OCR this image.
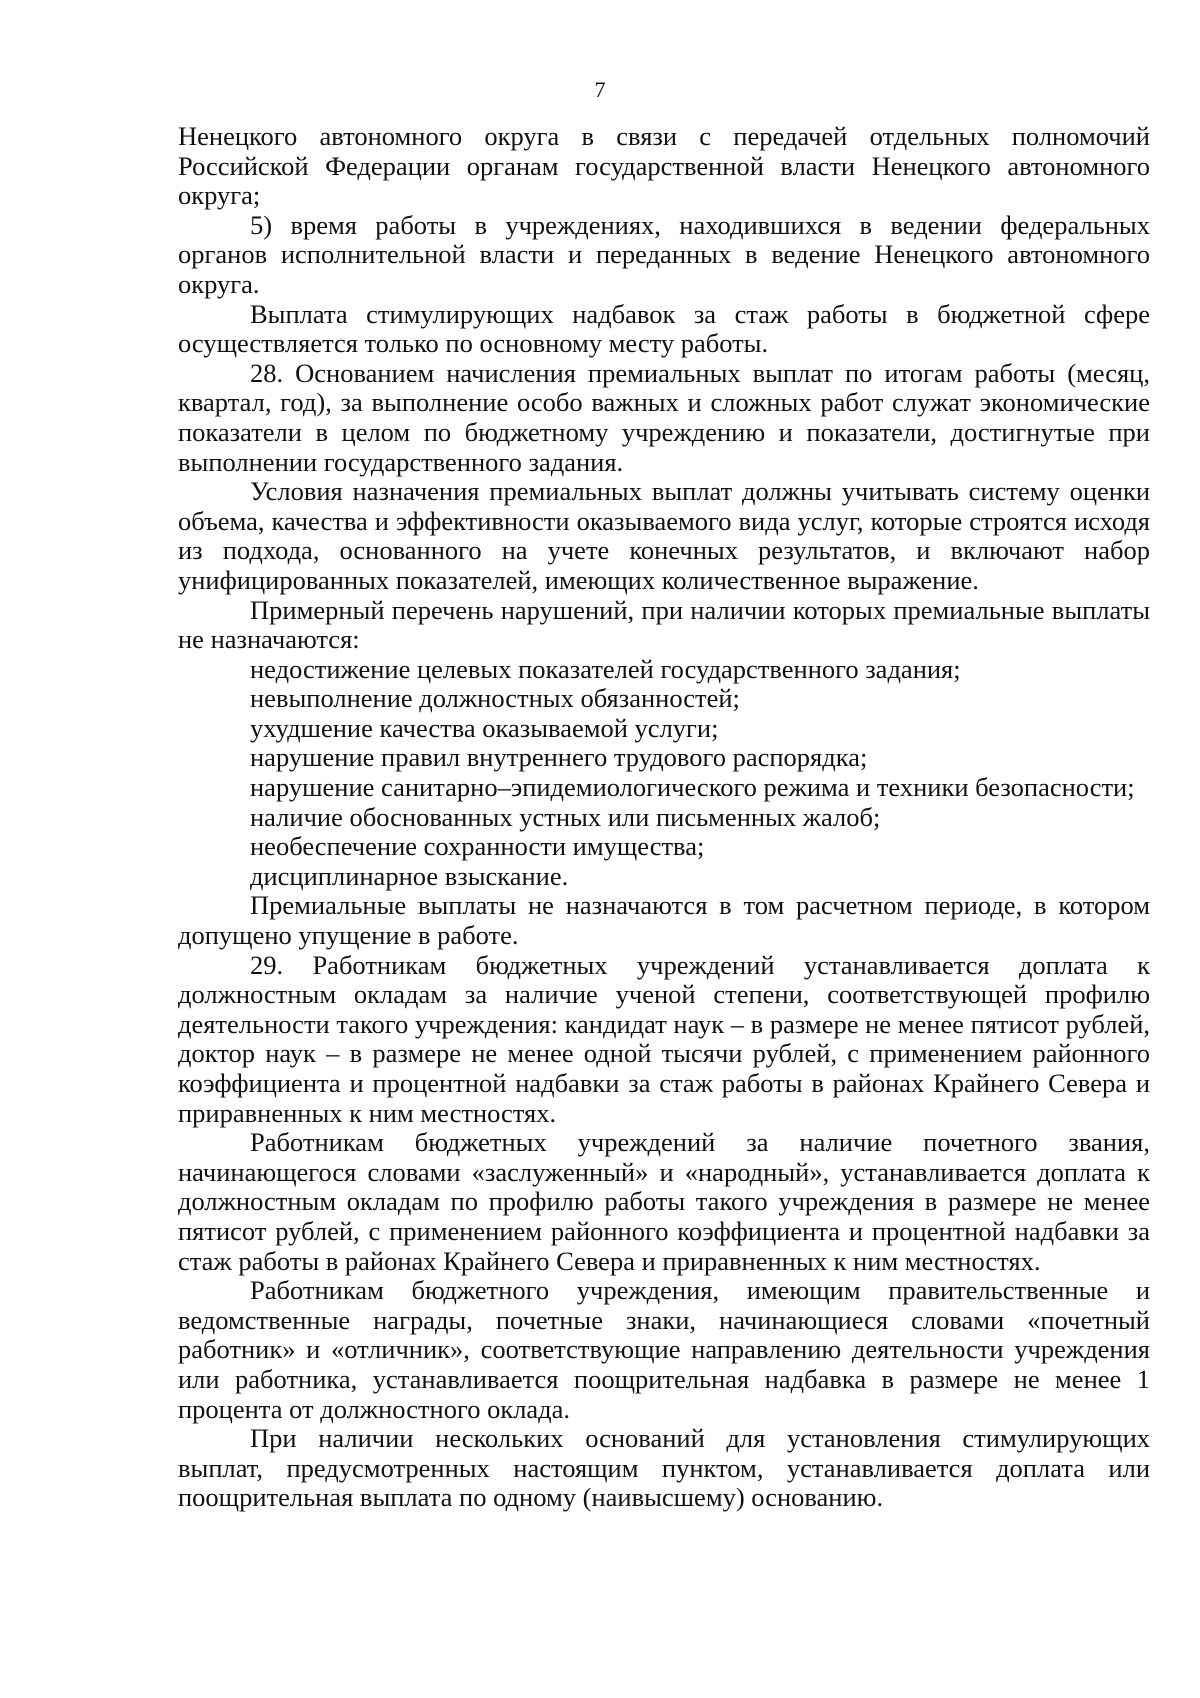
7

Ненецкого автономного округа в связи с передачей отдельных полномочий Российской Федерации органам государственной власти Ненецкого автономного округа;

5) время работы в учреждениях, находившихся в ведении федеральных органов исполнительной власти и переданных в ведение Ненецкого автономного округа.

Выплата стимулирующих надбавок за стаж работы в бюджетной сфере осуществляется только по основному месту работы.

28. Основанием начисления премиальных выплат по итогам работы (месяц, квартал, год), за выполнение особо важных и сложных работ служат экономические показатели в целом по бюджетному учреждению и показатели, достигнутые при выполнении государственного задания.

Условия назначения премиальных выплат должны учитывать систему оценки объема, качества и эффективности оказываемого вида услуг, которые строятся исходя из подхода, основанного на учете конечных результатов, и включают набор унифицированных показателей, имеющих количественное выражение.

Примерный перечень нарушений, при наличии которых премиальные выплаты не назначаются:

недостижение целевых показателей государственного задания;

невыполнение должностных обязанностей;

ухудшение качества оказываемой услуги;

нарушение правил внутреннего трудового распорядка;

нарушение санитарно–эпидемиологического режима и техники безопасности;

наличие обоснованных устных или письменных жалоб;

необеспечение сохранности имущества;

дисциплинарное взыскание.

Премиальные выплаты не назначаются в том расчетном периоде, в котором допущено упущение в работе.

29. Работникам бюджетных учреждений устанавливается доплата к должностным окладам за наличие ученой степени, соответствующей профилю деятельности такого учреждения: кандидат наук – в размере не менее пятисот рублей, доктор наук – в размере не менее одной тысячи рублей, с применением районного коэффициента и процентной надбавки за стаж работы в районах Крайнего Севера и приравненных к ним местностях.

Работникам бюджетных учреждений за наличие почетного звания, начинающегося словами «заслуженный» и «народный», устанавливается доплата к должностным окладам по профилю работы такого учреждения в размере не менее пятисот рублей, с применением районного коэффициента и процентной надбавки за стаж работы в районах Крайнего Севера и приравненных к ним местностях.

Работникам бюджетного учреждения, имеющим правительственные и ведомственные награды, почетные знаки, начинающиеся словами «почетный работник» и «отличник», соответствующие направлению деятельности учреждения или работника, устанавливается поощрительная надбавка в размере не менее 1 процента от должностного оклада.

При наличии нескольких оснований для установления стимулирующих выплат, предусмотренных настоящим пунктом, устанавливается доплата или поощрительная выплата по одному (наивысшему) основанию.
